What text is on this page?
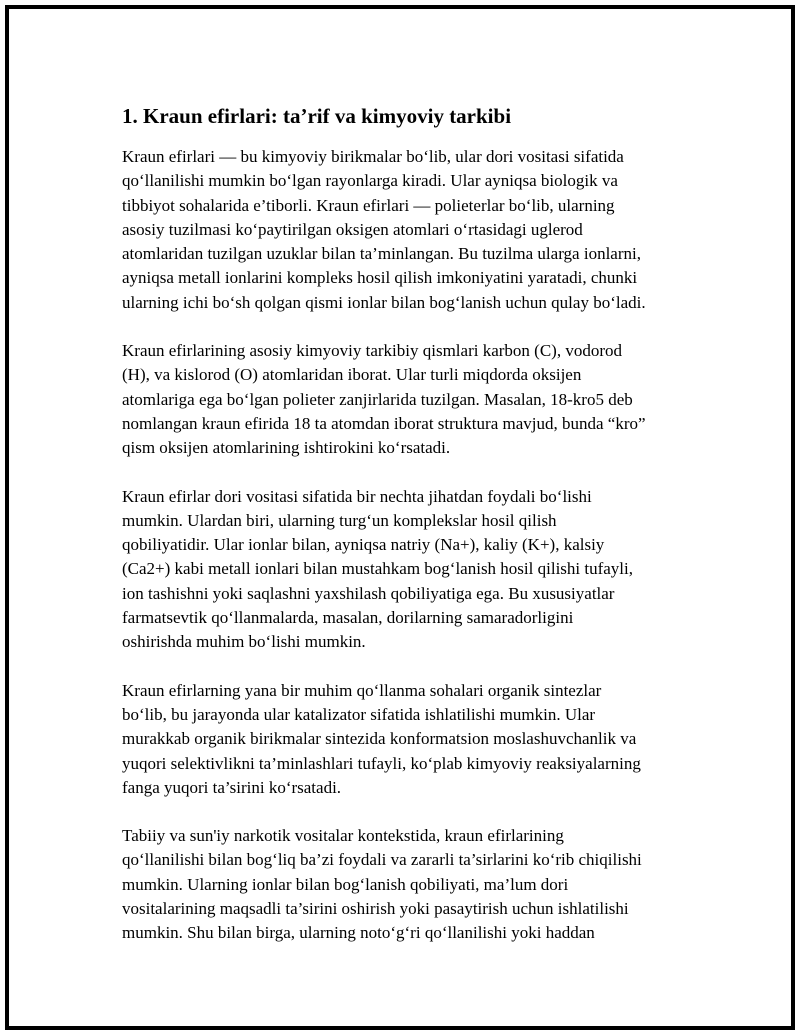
1. Kraun efirlari: ta’rif va kimyoviy tarkibi

Kraun efirlari — bu kimyoviy birikmalar bo‘lib, ular dori vositasi sifatida
qo‘llanilishi mumkin bo‘lgan rayonlarga kiradi. Ular ayniqsa biologik va
tibbiyot sohalarida e’tiborli. Kraun efirlari — polieterlar bo‘lib, ularning
asosiy tuzilmasi ko‘paytirilgan oksigen atomlari o‘rtasidagi uglerod
atomlaridan tuzilgan uzuklar bilan ta’minlangan. Bu tuzilma ularga ionlarni,
ayniqsa metall ionlarini kompleks hosil qilish imkoniyatini yaratadi, chunki
ularning ichi bo‘sh qolgan qismi ionlar bilan bog‘lanish uchun qulay bo‘ladi.

Kraun efirlarining asosiy kimyoviy tarkibiy qismlari karbon (C), vodorod
(H), va kislorod (O) atomlaridan iborat. Ular turli miqdorda oksijen
atomlariga ega bo‘lgan polieter zanjirlarida tuzilgan. Masalan, 18-kro5 deb
nomlangan kraun efirida 18 ta atomdan iborat struktura mavjud, bunda “kro”
qism oksijen atomlarining ishtirokini ko‘rsatadi.

Kraun efirlar dori vositasi sifatida bir nechta jihatdan foydali bo‘lishi
mumkin. Ulardan biri, ularning turg‘un komplekslar hosil qilish
qobiliyatidir. Ular ionlar bilan, ayniqsa natriy (Na+), kaliy (K+), kalsiy
(Ca2+) kabi metall ionlari bilan mustahkam bog‘lanish hosil qilishi tufayli,
ion tashishni yoki saqlashni yaxshilash qobiliyatiga ega. Bu xususiyatlar
farmatsevtik qo‘llanmalarda, masalan, dorilarning samaradorligini
oshirishda muhim bo‘lishi mumkin.

Kraun efirlarning yana bir muhim qo‘llanma sohalari organik sintezlar
bo‘lib, bu jarayonda ular katalizator sifatida ishlatilishi mumkin. Ular
murakkab organik birikmalar sintezida konformatsion moslashuvchanlik va
yuqori selektivlikni ta’minlashlari tufayli, ko‘plab kimyoviy reaksiyalarning
fanga yuqori ta’sirini ko‘rsatadi.

Tabiiy va sun'iy narkotik vositalar kontekstida, kraun efirlarining
qo‘llanilishi bilan bog‘liq ba’zi foydali va zararli ta’sirlarini ko‘rib chiqilishi
mumkin. Ularning ionlar bilan bog‘lanish qobiliyati, ma’lum dori
vositalarining maqsadli ta’sirini oshirish yoki pasaytirish uchun ishlatilishi
mumkin. Shu bilan birga, ularning noto‘g‘ri qo‘llanilishi yoki haddan
